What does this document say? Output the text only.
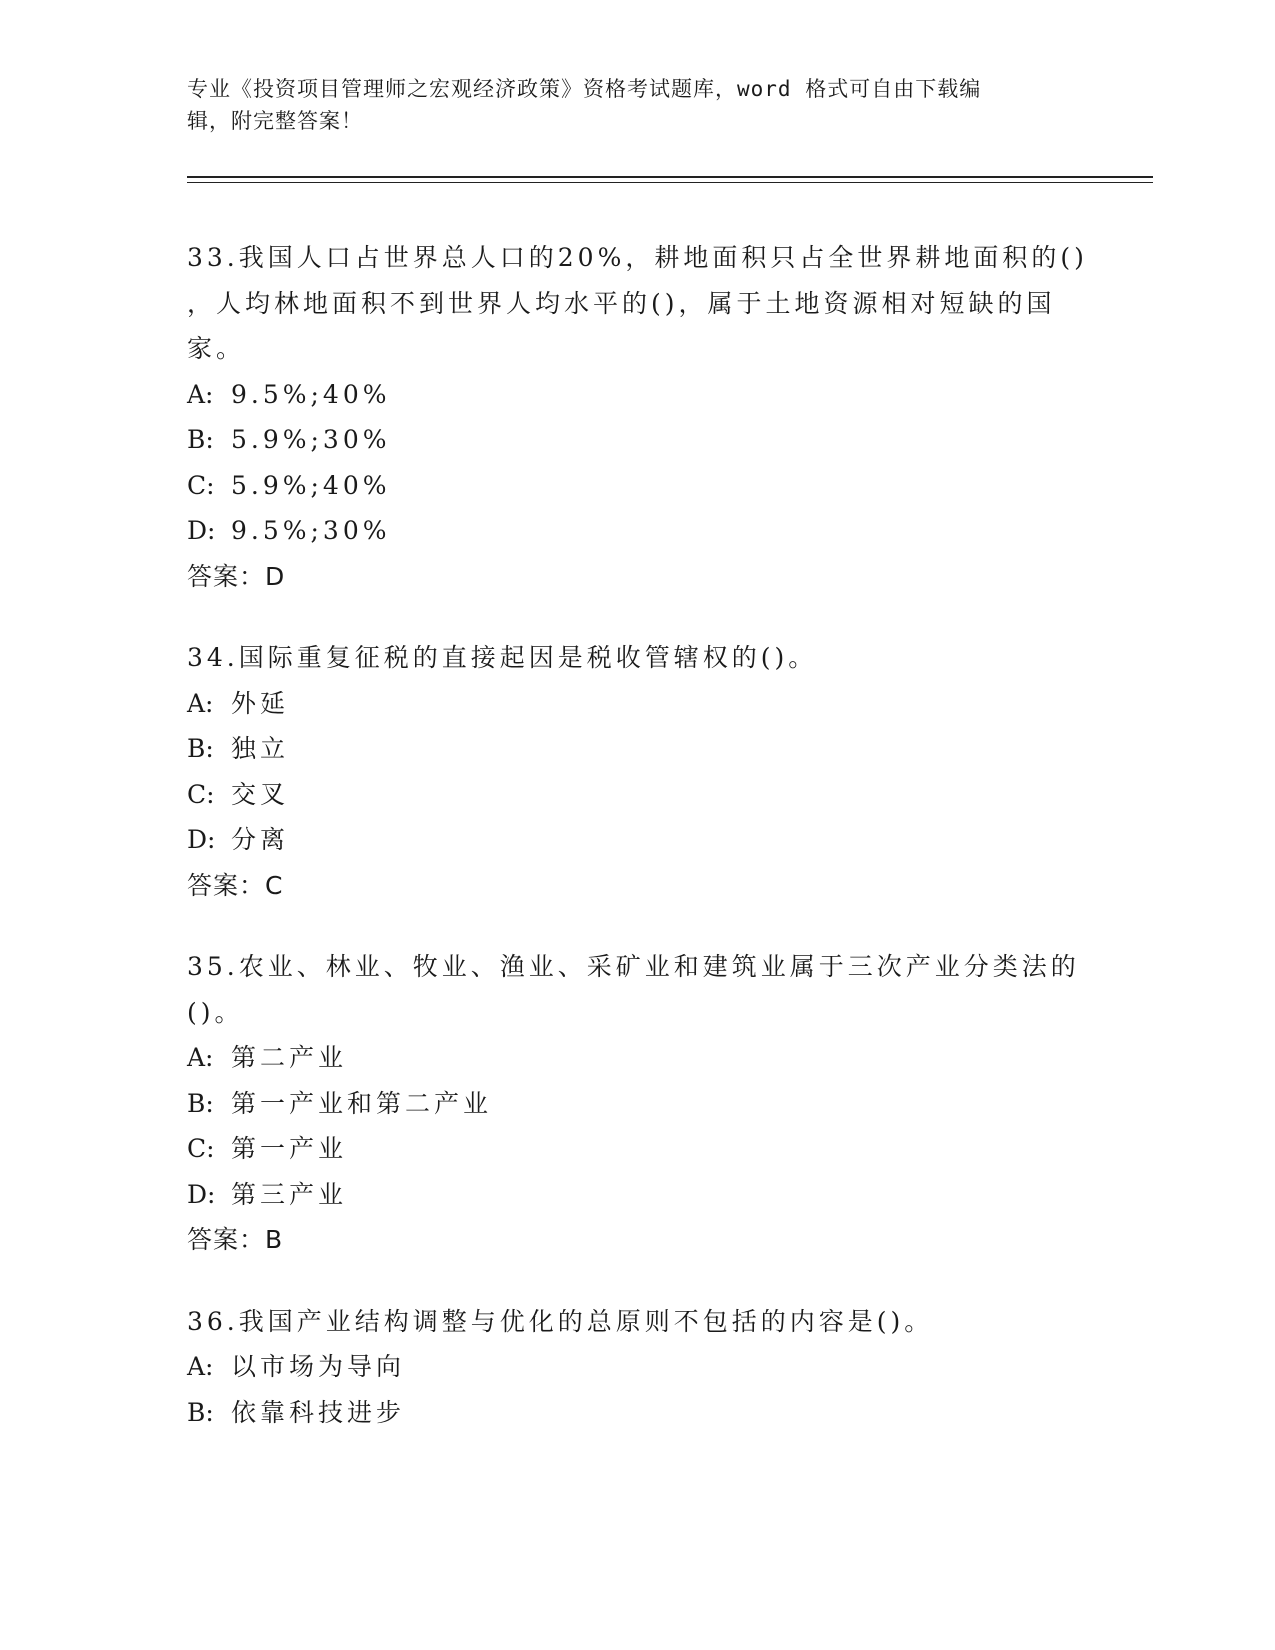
专业《投资项目管理师之宏观经济政策》资格考试题库，word 格式可自由下载编
辑，附完整答案！
33.我国人口占世界总人口的20%，耕地面积只占全世界耕地面积的()
，人均林地面积不到世界人均水平的()，属于土地资源相对短缺的国
家。
A: 9.5%;40%
B: 5.9%;30%
C: 5.9%;40%
D: 9.5%;30%
答案：D
34.国际重复征税的直接起因是税收管辖权的()。
A: 外延
B: 独立
C: 交叉
D: 分离
答案：C
35.农业、林业、牧业、渔业、采矿业和建筑业属于三次产业分类法的
()。
A: 第二产业
B: 第一产业和第二产业
C: 第一产业
D: 第三产业
答案：B
36.我国产业结构调整与优化的总原则不包括的内容是()。
A: 以市场为导向
B: 依靠科技进步
